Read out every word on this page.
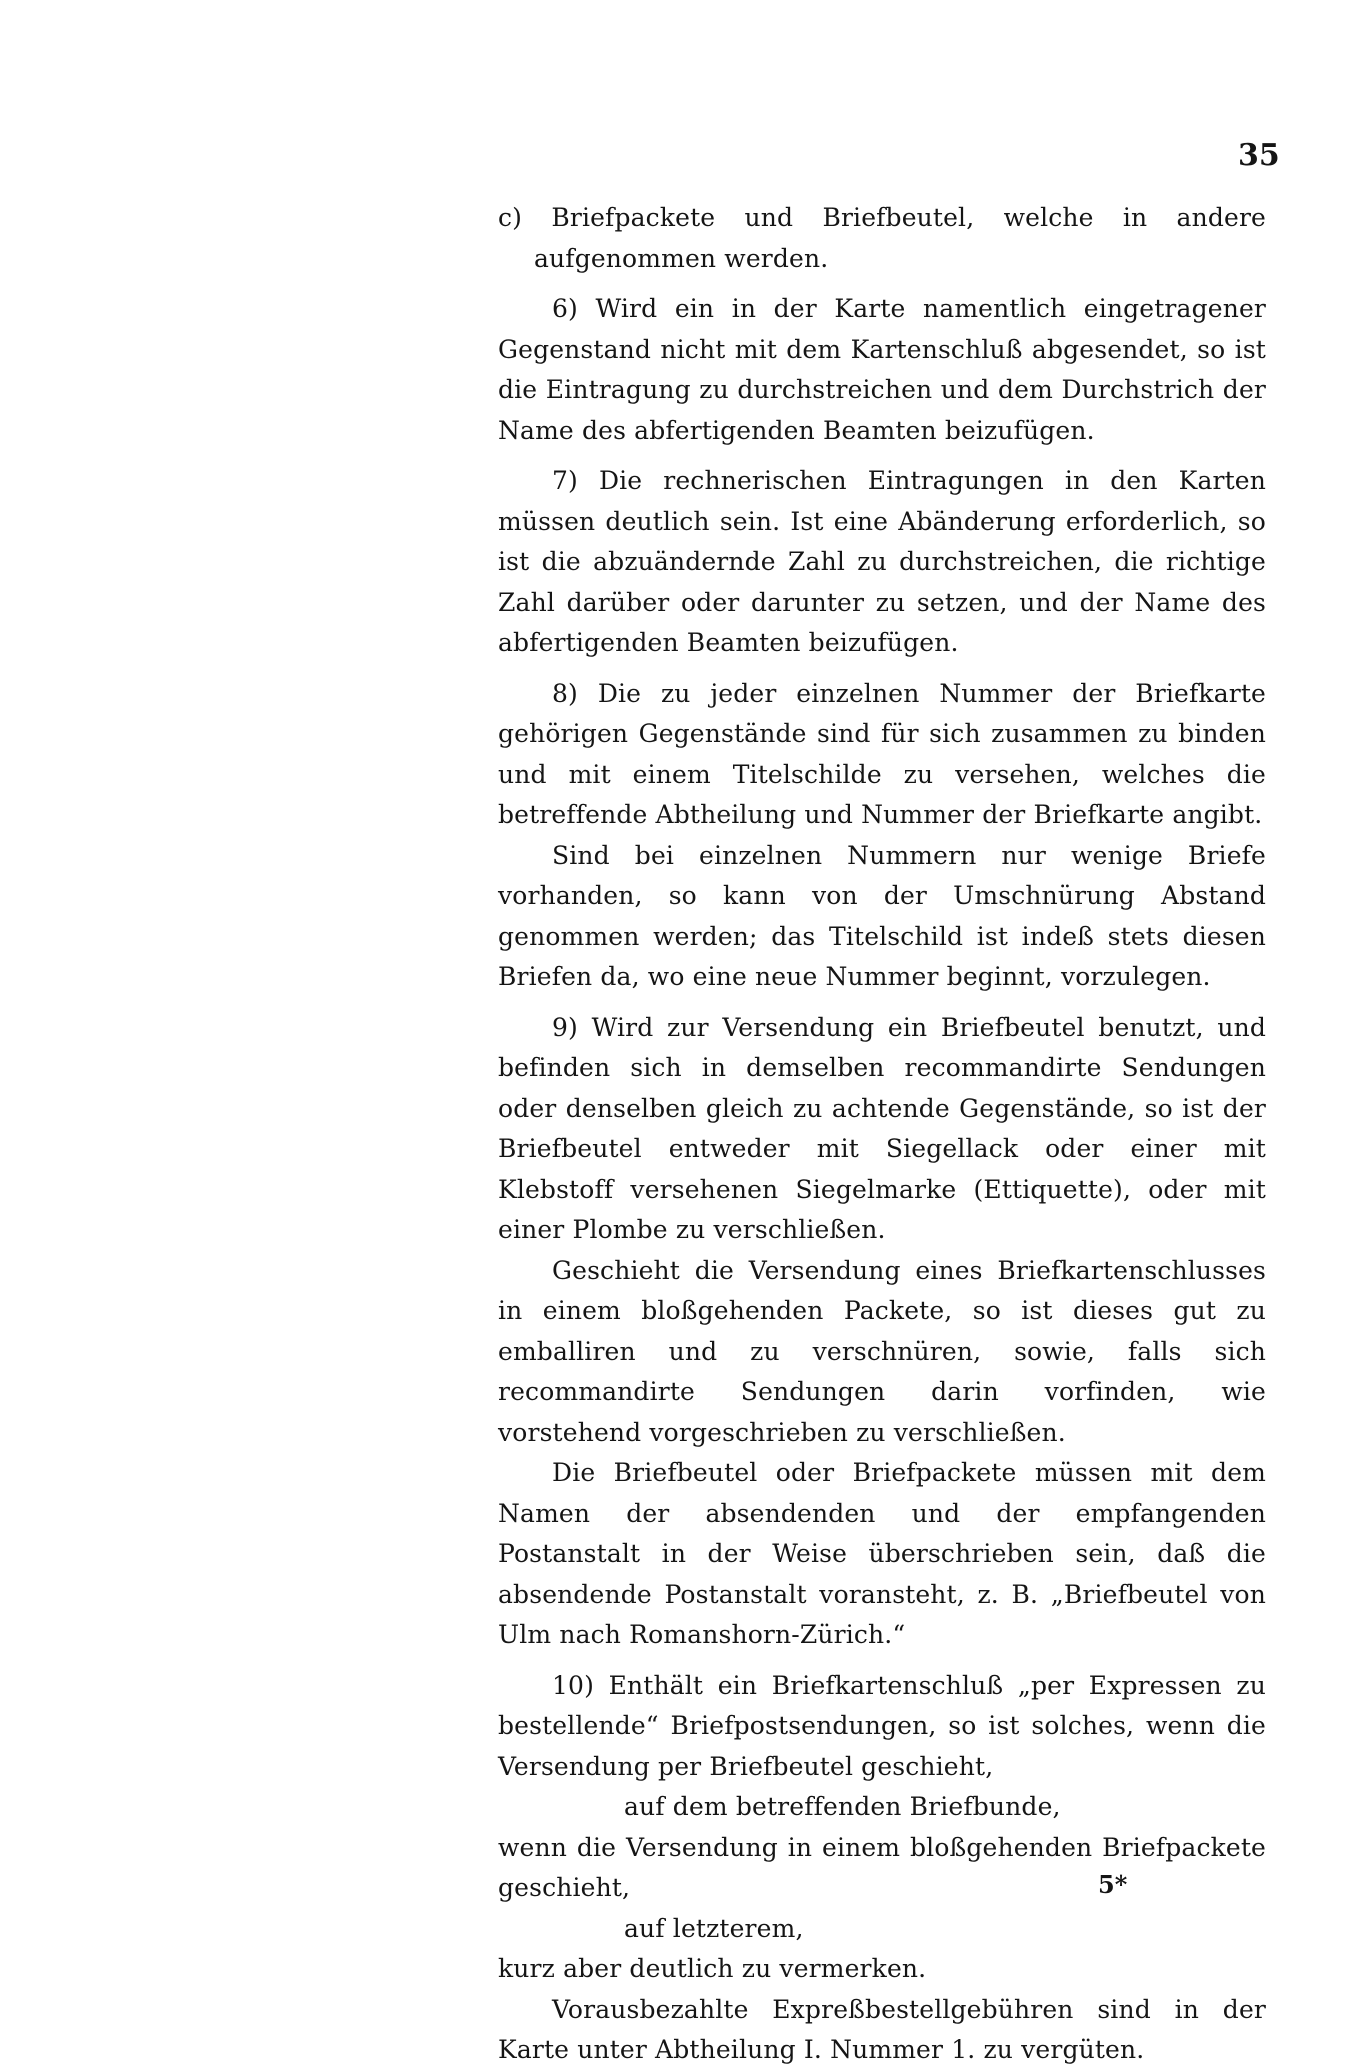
35

c) Briefpackete und Briefbeutel, welche in andere aufgenommen werden.

6) Wird ein in der Karte namentlich eingetragener Gegenstand nicht mit dem Kartenschluß abgesendet, so ist die Eintragung zu durchstreichen und dem Durchstrich der Name des abfertigenden Beamten beizufügen.

7) Die rechnerischen Eintragungen in den Karten müssen deutlich sein. Ist eine Abänderung erforderlich, so ist die abzuändernde Zahl zu durchstreichen, die richtige Zahl darüber oder darunter zu setzen, und der Name des abfertigenden Beamten beizufügen.

8) Die zu jeder einzelnen Nummer der Briefkarte gehörigen Gegenstände sind für sich zusammen zu binden und mit einem Titelschilde zu versehen, welches die betreffende Abtheilung und Nummer der Briefkarte angibt.

Sind bei einzelnen Nummern nur wenige Briefe vorhanden, so kann von der Umschnürung Abstand genommen werden; das Titelschild ist indeß stets diesen Briefen da, wo eine neue Nummer beginnt, vorzulegen.

9) Wird zur Versendung ein Briefbeutel benutzt, und befinden sich in demselben recommandirte Sendungen oder denselben gleich zu achtende Gegenstände, so ist der Briefbeutel entweder mit Siegellack oder einer mit Klebstoff versehenen Siegelmarke (Ettiquette), oder mit einer Plombe zu verschließen.

Geschieht die Versendung eines Briefkartenschlusses in einem bloßgehenden Packete, so ist dieses gut zu emballiren und zu verschnüren, sowie, falls sich recommandirte Sendungen darin vorfinden, wie vorstehend vorgeschrieben zu verschließen.

Die Briefbeutel oder Briefpackete müssen mit dem Namen der absendenden und der empfangenden Postanstalt in der Weise überschrieben sein, daß die absendende Postanstalt voransteht, z. B. „Briefbeutel von Ulm nach Romanshorn-Zürich.“

10) Enthält ein Briefkartenschluß „per Expressen zu bestellende“ Briefpostsendungen, so ist solches, wenn die Versendung per Briefbeutel geschieht,

auf dem betreffenden Briefbunde,

wenn die Versendung in einem bloßgehenden Briefpackete geschieht,

auf letzterem,

kurz aber deutlich zu vermerken.

Vorausbezahlte Expreßbestellgebühren sind in der Karte unter Abtheilung I. Nummer 1. zu vergüten.

5*
